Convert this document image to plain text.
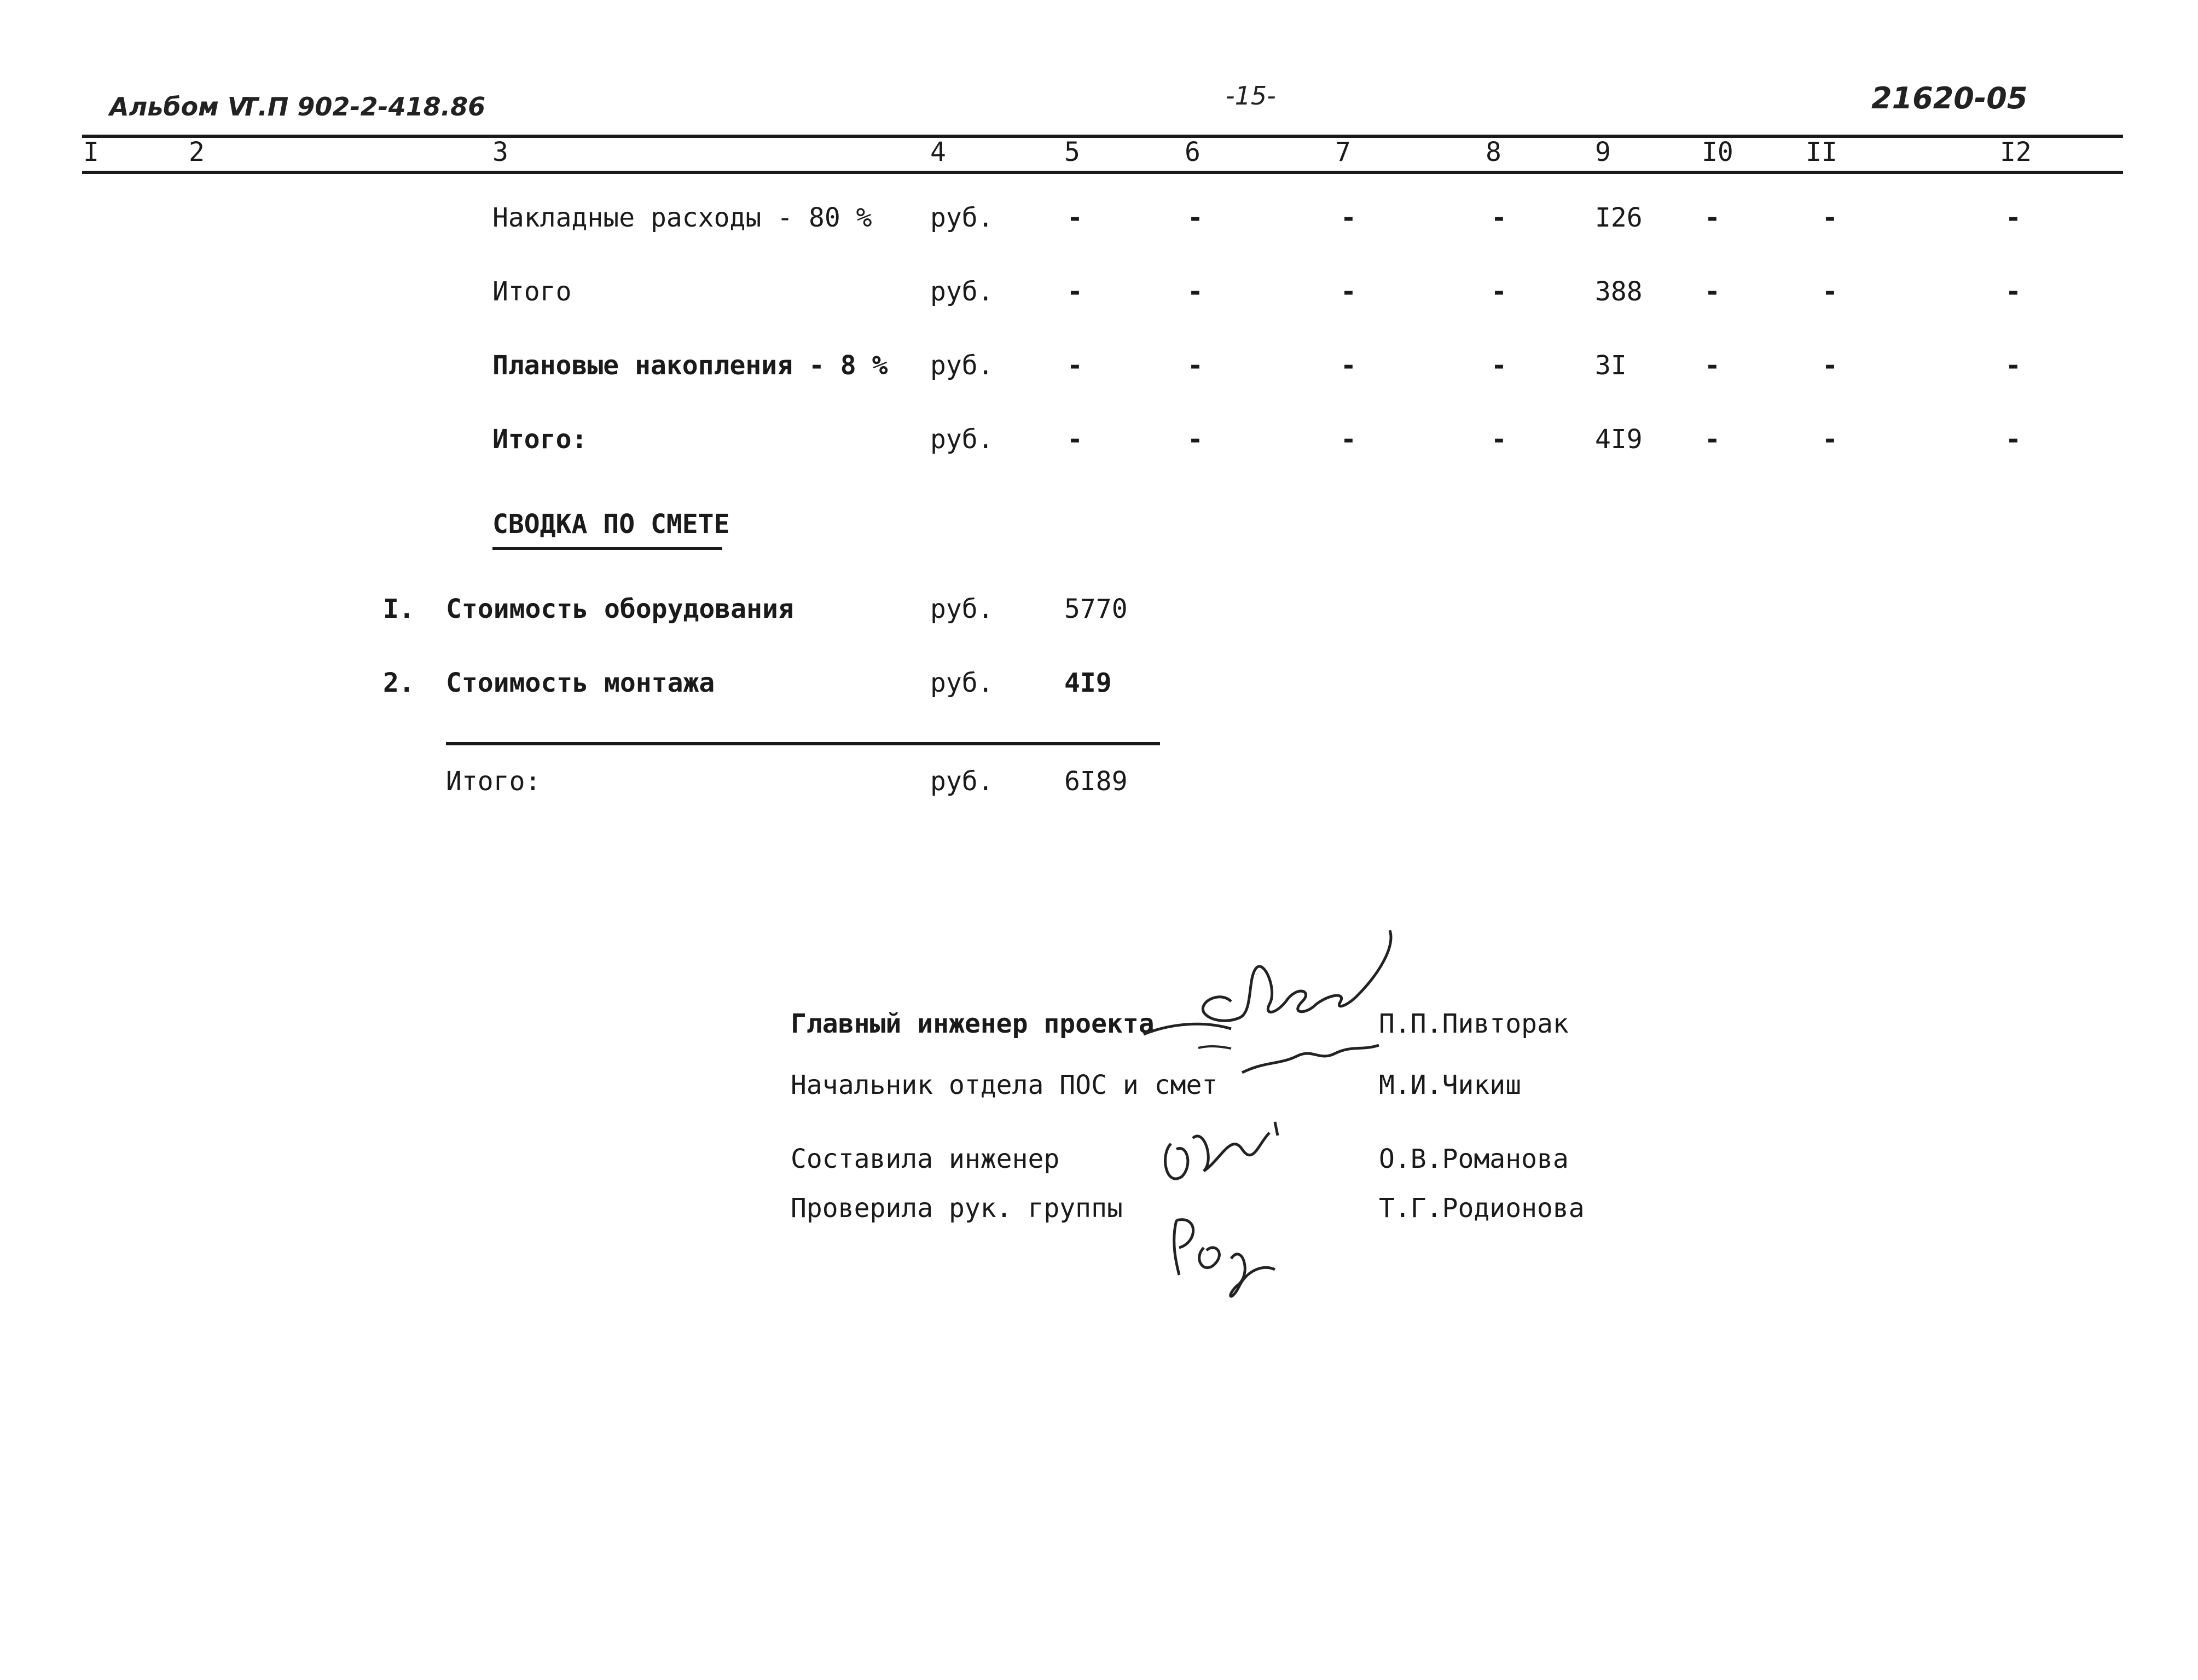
Альбом V
Т.П 902-2-418.86	-15-	21620-05
I	2	3	4	5	6	7	8	9	I0	II	I2
Накладные расходы - 80 % руб.	-	-	-	-	I26 -	-	-
Итого	руб.	-	-	-	-	388 -	-	-
Плановые накопления - 8 % руб.	-	-	-	-	3I	-	-	-
Итого:	руб.	-	-	-	-	4I9 -	-	-
СВОДКА ПО СМЕТЕ
I. Стоимость оборудования	руб.	5770
2. Стоимость монтажа	руб.	4I9
Итого:	руб.	6I89
Главный инженер проекта	П.П.Пивторак
Начальник отдела ПОС и смет	М.И.Чикиш
Составила инженер	О.В.Романова
Проверила рук. группы	Т.Г.Родионова
